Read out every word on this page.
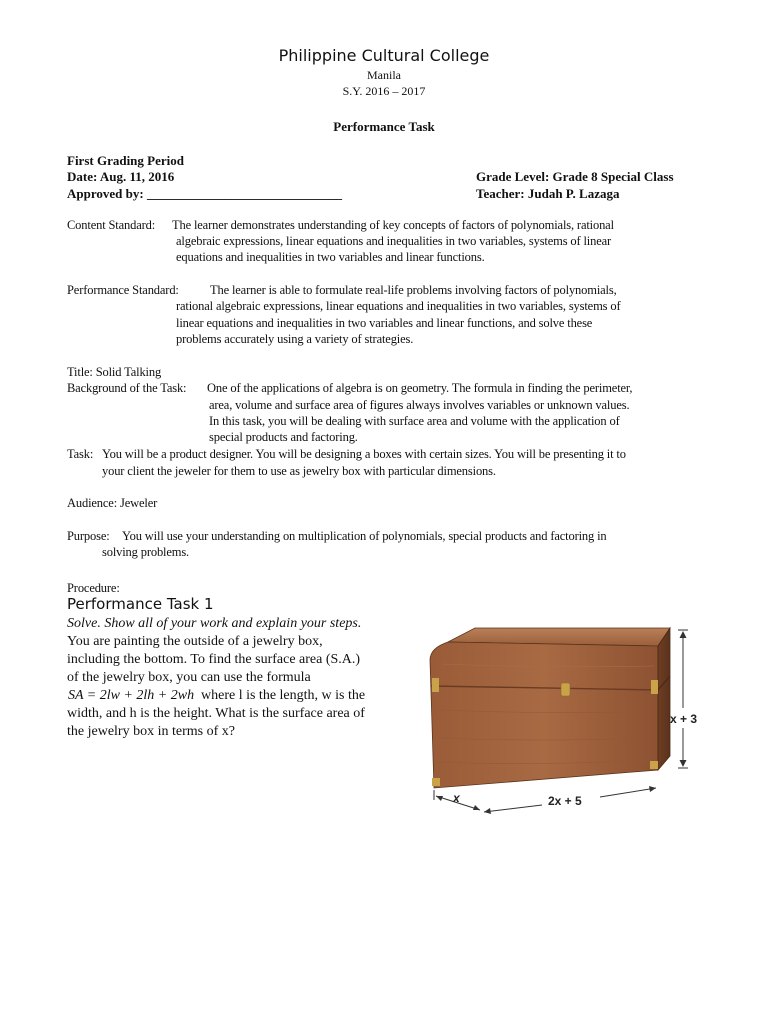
Philippine Cultural College
Manila
S.Y. 2016 – 2017
Performance Task
First Grading Period
Date: Aug. 11, 2016
Approved by: ______________________________
Grade Level: Grade 8 Special Class
Teacher: Judah P. Lazaga
Content Standard: The learner demonstrates understanding of key concepts of factors of polynomials, rational
algebraic expressions, linear equations and inequalities in two variables, systems of linear
equations and inequalities in two variables and linear functions.
Performance Standard:	The learner is able to formulate real-life problems involving factors of polynomials,
rational algebraic expressions, linear equations and inequalities in two variables, systems of
linear equations and inequalities in two variables and linear functions, and solve these
problems accurately using a variety of strategies.
Title: Solid Talking
Background of the Task: One of the applications of algebra is on geometry. The formula in finding the perimeter,
area, volume and surface area of figures always involves variables or unknown values.
In this task, you will be dealing with surface area and volume with the application of
special products and factoring.
Task: You will be a product designer. You will be designing a boxes with certain sizes. You will be presenting it to
your client the jeweler for them to use as jewelry box with particular dimensions.
Audience: Jeweler
Purpose: You will use your understanding on multiplication of polynomials, special products and factoring in
solving problems.
Procedure:
Performance Task 1
Solve. Show all of your work and explain your steps.
You are painting the outside of a jewelry box,
including the bottom. To find the surface area (S.A.)
of the jewelry box, you can use the formula
SA = 2lw + 2lh + 2wh where l is the length, w is the
width, and h is the height. What is the surface area of
the jewelry box in terms of x?
x + 3
x	2x + 5
